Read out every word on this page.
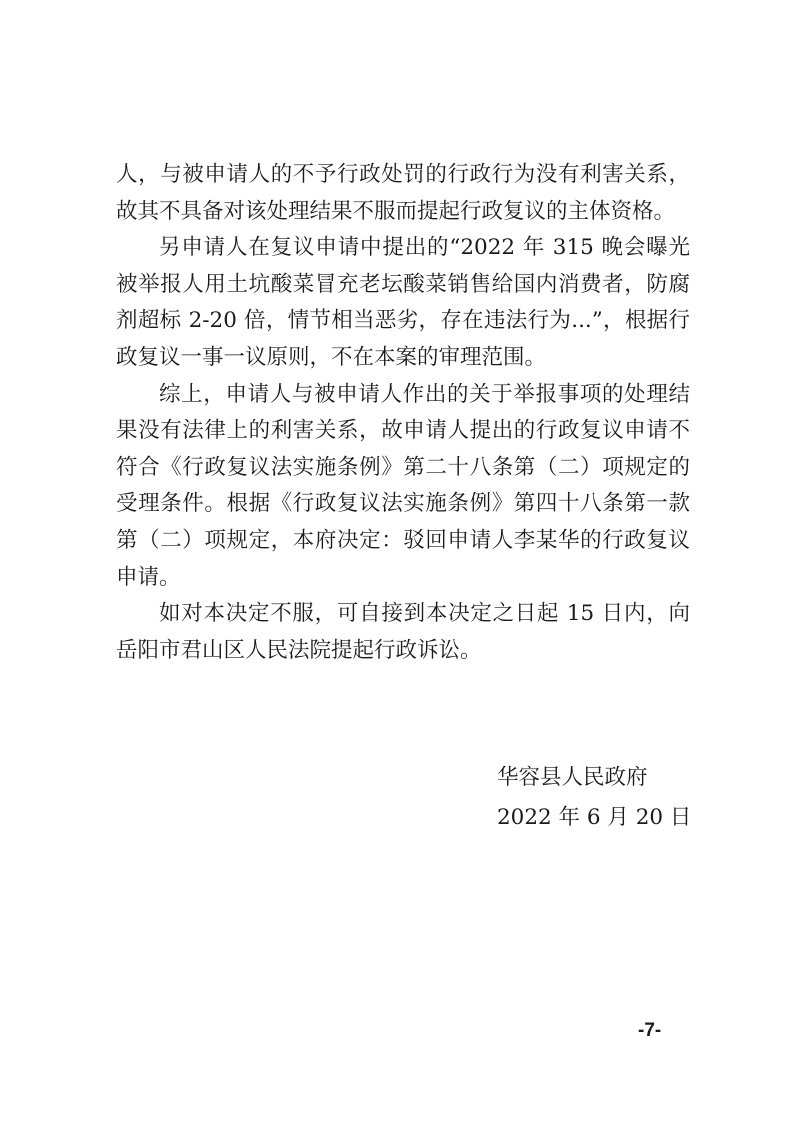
人，与被申请人的不予行政处罚的行政行为没有利害关系，故其不具备对该处理结果不服而提起行政复议的主体资格。

另申请人在复议申请中提出的“2022 年 315 晚会曝光被举报人用土坑酸菜冒充老坛酸菜销售给国内消费者，防腐剂超标 2-20 倍，情节相当恶劣，存在违法行为...”，根据行政复议一事一议原则，不在本案的审理范围。

综上，申请人与被申请人作出的关于举报事项的处理结果没有法律上的利害关系，故申请人提出的行政复议申请不符合《行政复议法实施条例》第二十八条第（二）项规定的受理条件。根据《行政复议法实施条例》第四十八条第一款第（二）项规定，本府决定：驳回申请人李某华的行政复议申请。

如对本决定不服，可自接到本决定之日起 15 日内，向岳阳市君山区人民法院提起行政诉讼。

华容县人民政府
2022 年 6 月 20 日
-7-
